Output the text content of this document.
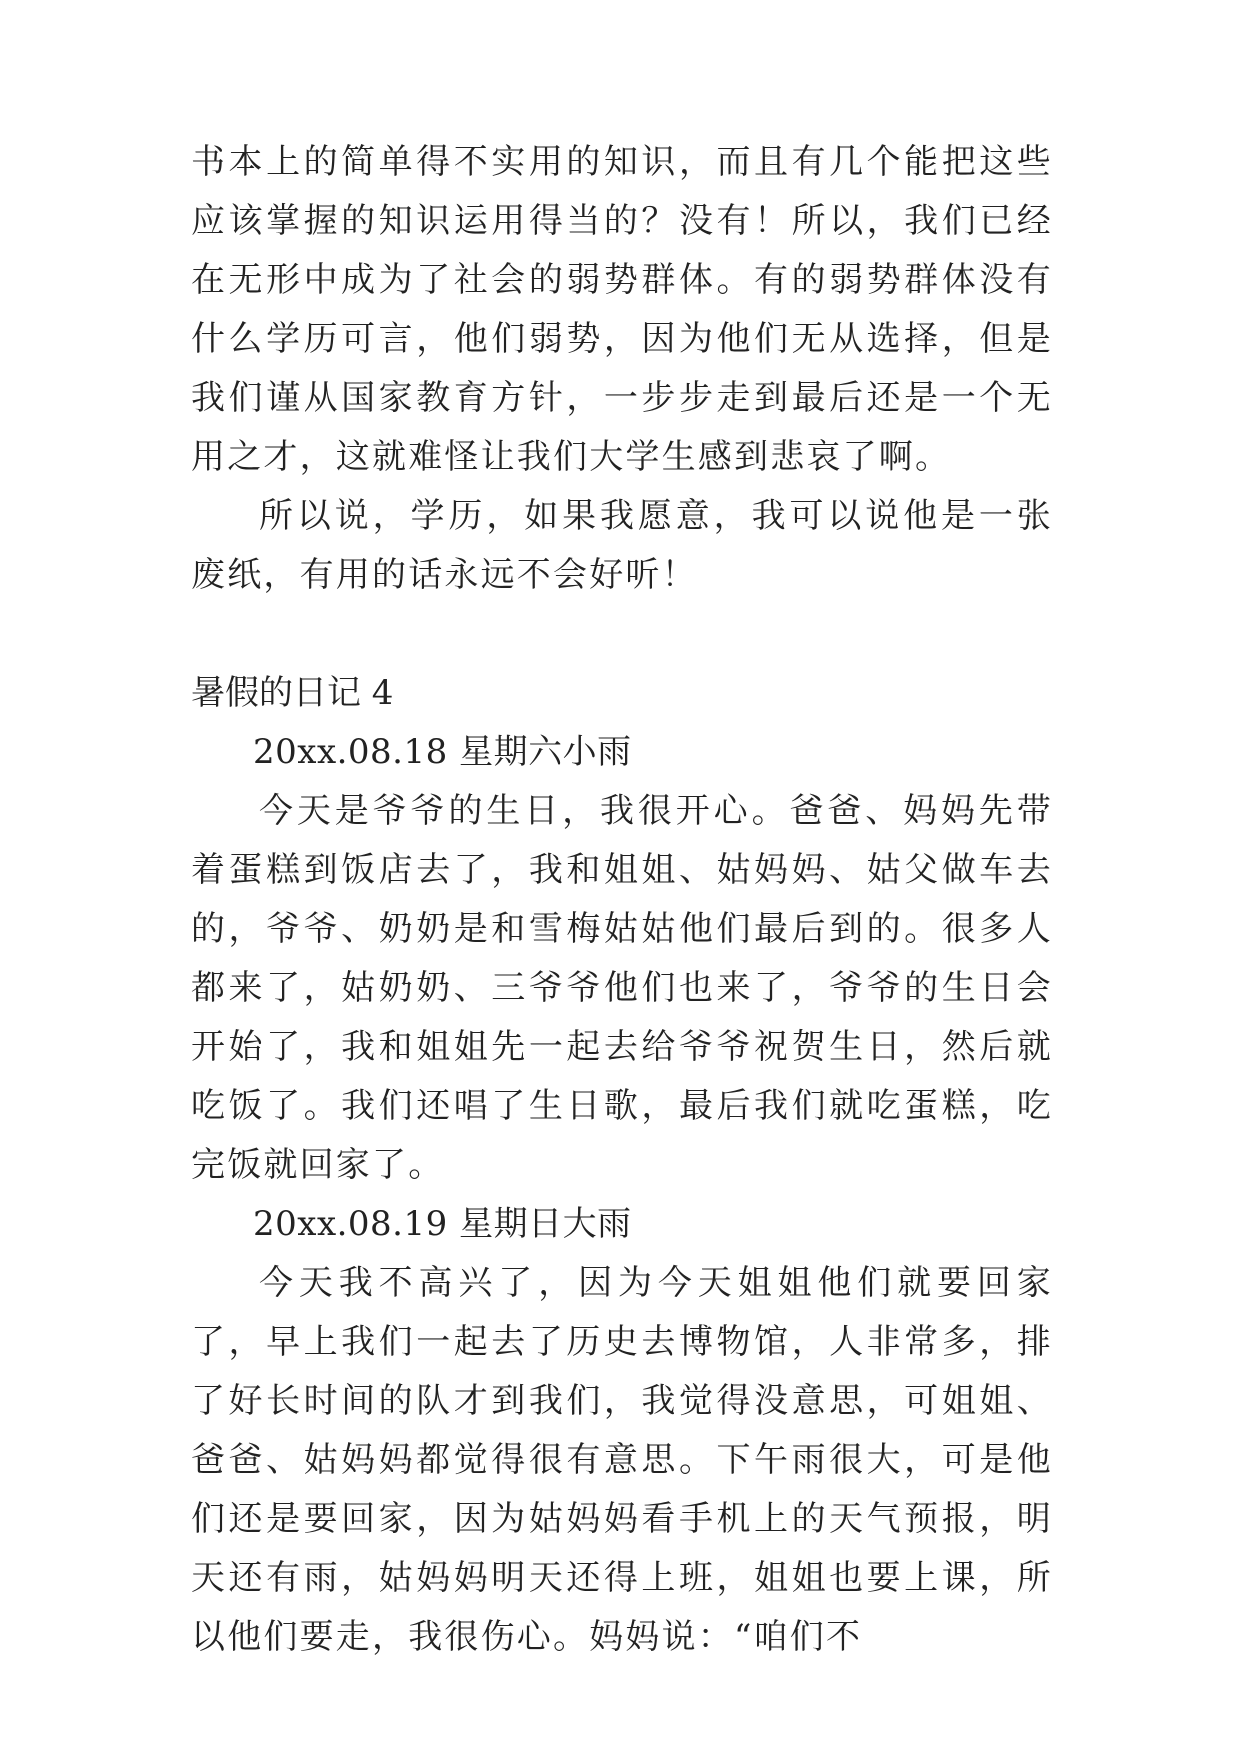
书本上的简单得不实用的知识，而且有几个能把这些应该掌握的知识运用得当的？没有！所以，我们已经在无形中成为了社会的弱势群体。有的弱势群体没有什么学历可言，他们弱势，因为他们无从选择，但是我们谨从国家教育方针，一步步走到最后还是一个无用之才，这就难怪让我们大学生感到悲哀了啊。

所以说，学历，如果我愿意，我可以说他是一张废纸，有用的话永远不会好听！

暑假的日记 4

20xx.08.18 星期六小雨

今天是爷爷的生日，我很开心。爸爸、妈妈先带着蛋糕到饭店去了，我和姐姐、姑妈妈、姑父做车去的，爷爷、奶奶是和雪梅姑姑他们最后到的。很多人都来了，姑奶奶、三爷爷他们也来了，爷爷的生日会开始了，我和姐姐先一起去给爷爷祝贺生日，然后就吃饭了。我们还唱了生日歌，最后我们就吃蛋糕，吃完饭就回家了。

20xx.08.19 星期日大雨

今天我不高兴了，因为今天姐姐他们就要回家了，早上我们一起去了历史去博物馆，人非常多，排了好长时间的队才到我们，我觉得没意思，可姐姐、爸爸、姑妈妈都觉得很有意思。下午雨很大，可是他们还是要回家，因为姑妈妈看手机上的天气预报，明天还有雨，姑妈妈明天还得上班，姐姐也要上课，所以他们要走，我很伤心。妈妈说：“咱们不
